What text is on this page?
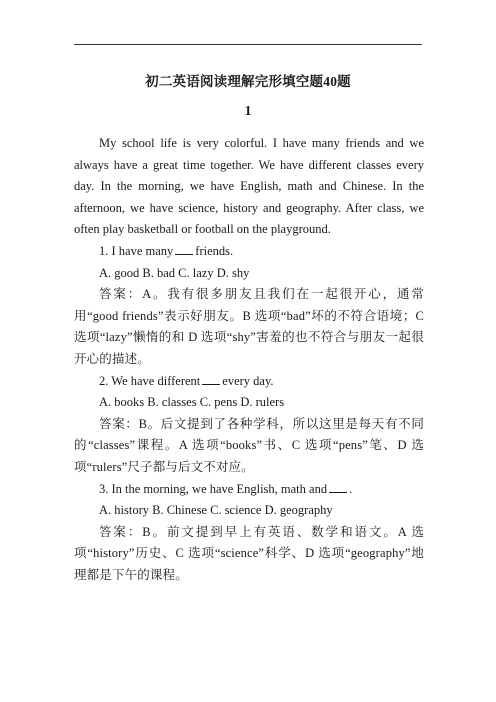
初二英语阅读理解完形填空题40题
1

My school life is very colorful. I have many friends and we always have a great time together. We have different classes every day. In the morning, we have English, math and Chinese. In the afternoon, we have science, history and geography. After class, we often play basketball or football on the playground.

1. I have many friends.

A. good B. bad C. lazy D. shy

答案：A。我有很多朋友且我们在一起很开心，通常用“good friends”表示好朋友。B 选项“bad”坏的不符合语境；C 选项“lazy”懒惰的和 D 选项“shy”害羞的也不符合与朋友一起很开心的描述。

2. We have different every day.

A. books B. classes C. pens D. rulers

答案：B。后文提到了各种学科，所以这里是每天有不同的“classes”课程。A 选项“books”书、C 选项“pens”笔、D 选项“rulers”尺子都与后文不对应。

3. In the morning, we have English, math and .

A. history B. Chinese C. science D. geography

答案：B。前文提到早上有英语、数学和语文。A 选项“history”历史、C 选项“science”科学、D 选项“geography”地理都是下午的课程。
